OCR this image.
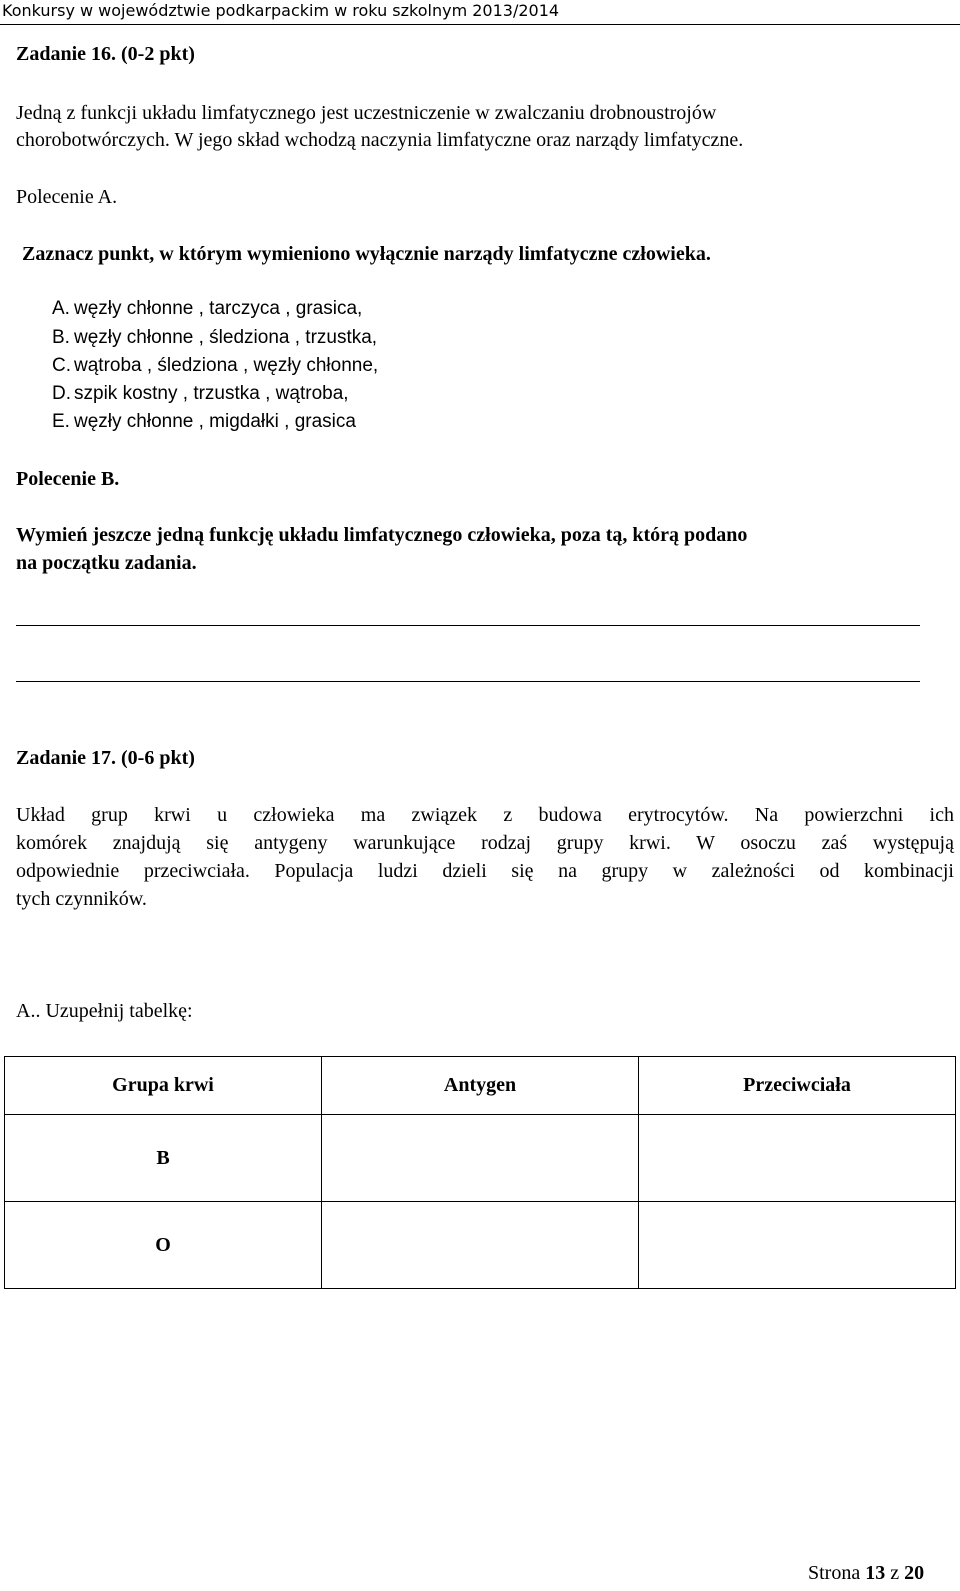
Konkursy w województwie podkarpackim w roku szkolnym 2013/2014
Zadanie 16. (0-2 pkt)
Jedną z funkcji układu limfatycznego jest uczestniczenie w zwalczaniu drobnoustrojów
chorobotwórczych. W jego skład wchodzą naczynia limfatyczne oraz narządy limfatyczne.
Polecenie A.
Zaznacz punkt, w którym wymieniono wyłącznie narządy limfatyczne człowieka.
A. węzły chłonne , tarczyca , grasica,
B. węzły chłonne , śledziona , trzustka,
C. wątroba , śledziona , węzły chłonne,
D. szpik kostny , trzustka , wątroba,
E. węzły chłonne , migdałki , grasica
Polecenie B.
Wymień jeszcze jedną funkcję układu limfatycznego człowieka, poza tą, którą podano
na początku zadania.
Zadanie 17. (0-6 pkt)
Układ grup krwi u człowieka ma związek z budowa erytrocytów. Na powierzchni ich
komórek znajdują się antygeny warunkujące rodzaj grupy krwi. W osoczu zaś występują
odpowiednie przeciwciała. Populacja ludzi dzieli się na grupy w zależności od kombinacji
tych czynników.
A.. Uzupełnij tabelkę:
Grupa krwi	Antygen	Przeciwciała
B		
O		
Strona 13 z 20
